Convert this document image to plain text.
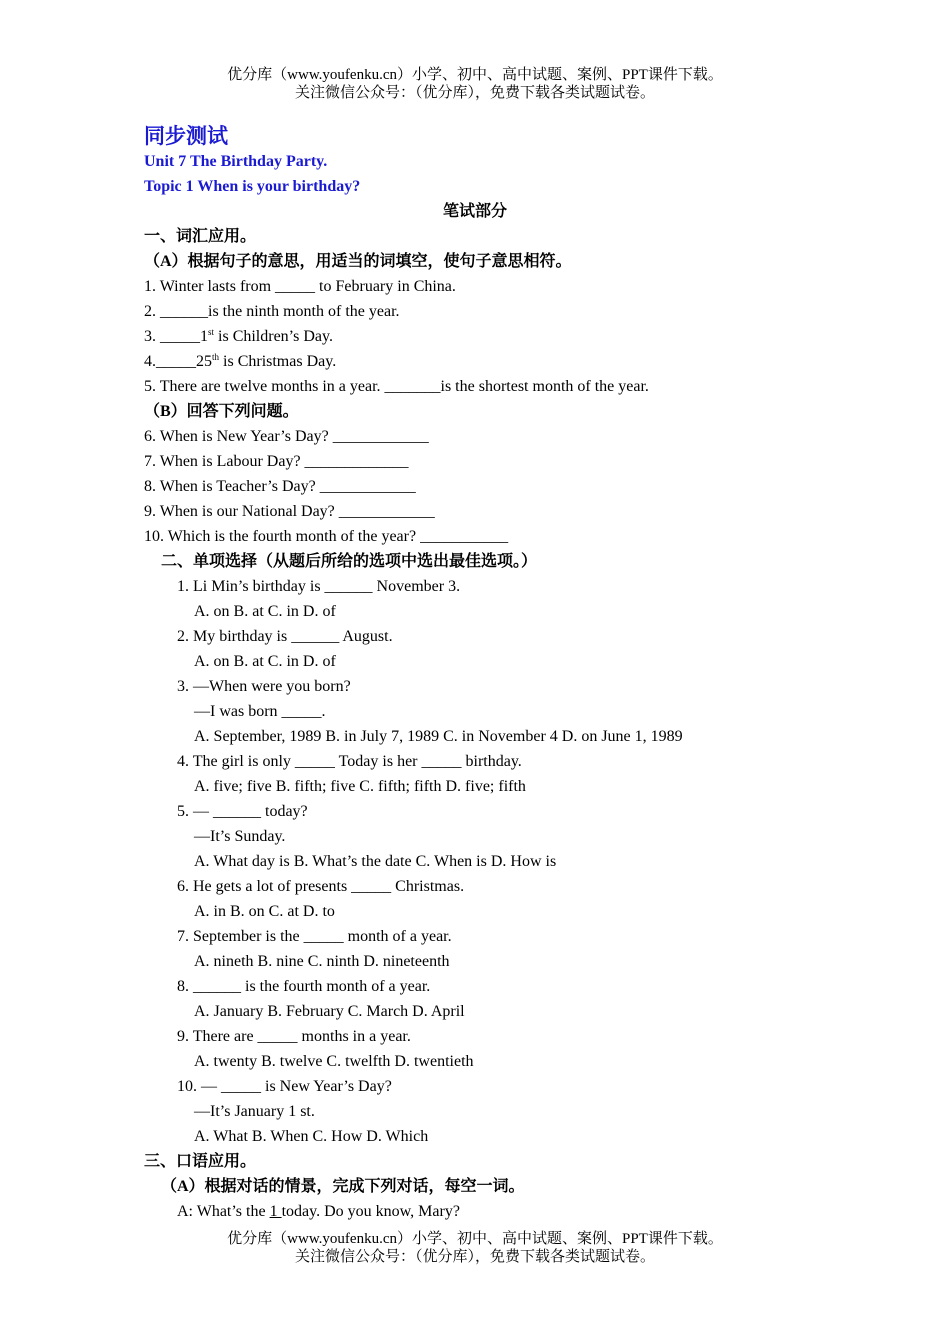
优分库（www.youfenku.cn）小学、初中、高中试题、案例、PPT课件下载。
关注微信公众号：（优分库），免费下载各类试题试卷。
同步测试
Unit 7 The Birthday Party.
Topic 1 When is your birthday?
笔试部分
一、词汇应用。
（A）根据句子的意思，用适当的词填空，使句子意思相符。
1. Winter lasts from _____ to February in China.
2. ______is the ninth month of the year.
3. _____1st is Children’s Day.
4._____25th is Christmas Day.
5. There are twelve months in a year. _______is the shortest month of the year.
（B）回答下列问题。
6. When is New Year’s Day? ____________
7. When is Labour Day? _____________
8. When is Teacher’s Day? ____________
9. When is our National Day? ____________
10. Which is the fourth month of the year? ___________
二、单项选择（从题后所给的选项中选出最佳选项。）
1. Li Min’s birthday is ______ November 3.
A. on B. at C. in D. of
2. My birthday is ______ August.
A. on B. at C. in D. of
3. —When were you born?
—I was born _____.
A. September, 1989 B. in July 7, 1989 C. in November 4 D. on June 1, 1989
4. The girl is only _____ Today is her _____ birthday.
A. five; five B. fifth; five C. fifth; fifth D. five; fifth
5. — ______ today?
—It’s Sunday.
A. What day is B. What’s the date C. When is D. How is
6. He gets a lot of presents _____ Christmas.
A. in B. on C. at D. to
7. September is the _____ month of a year.
A. nineth B. nine C. ninth D. nineteenth
8. ______ is the fourth month of a year.
A. January B. February C. March D. April
9. There are _____ months in a year.
A. twenty B. twelve C. twelfth D. twentieth
10. — _____ is New Year’s Day?
—It’s January 1 st.
A. What B. When C. How D. Which
三、口语应用。
（A）根据对话的情景，完成下列对话，每空一词。
A: What’s the 1 today. Do you know, Mary?
优分库（www.youfenku.cn）小学、初中、高中试题、案例、PPT课件下载。
关注微信公众号：（优分库），免费下载各类试题试卷。
